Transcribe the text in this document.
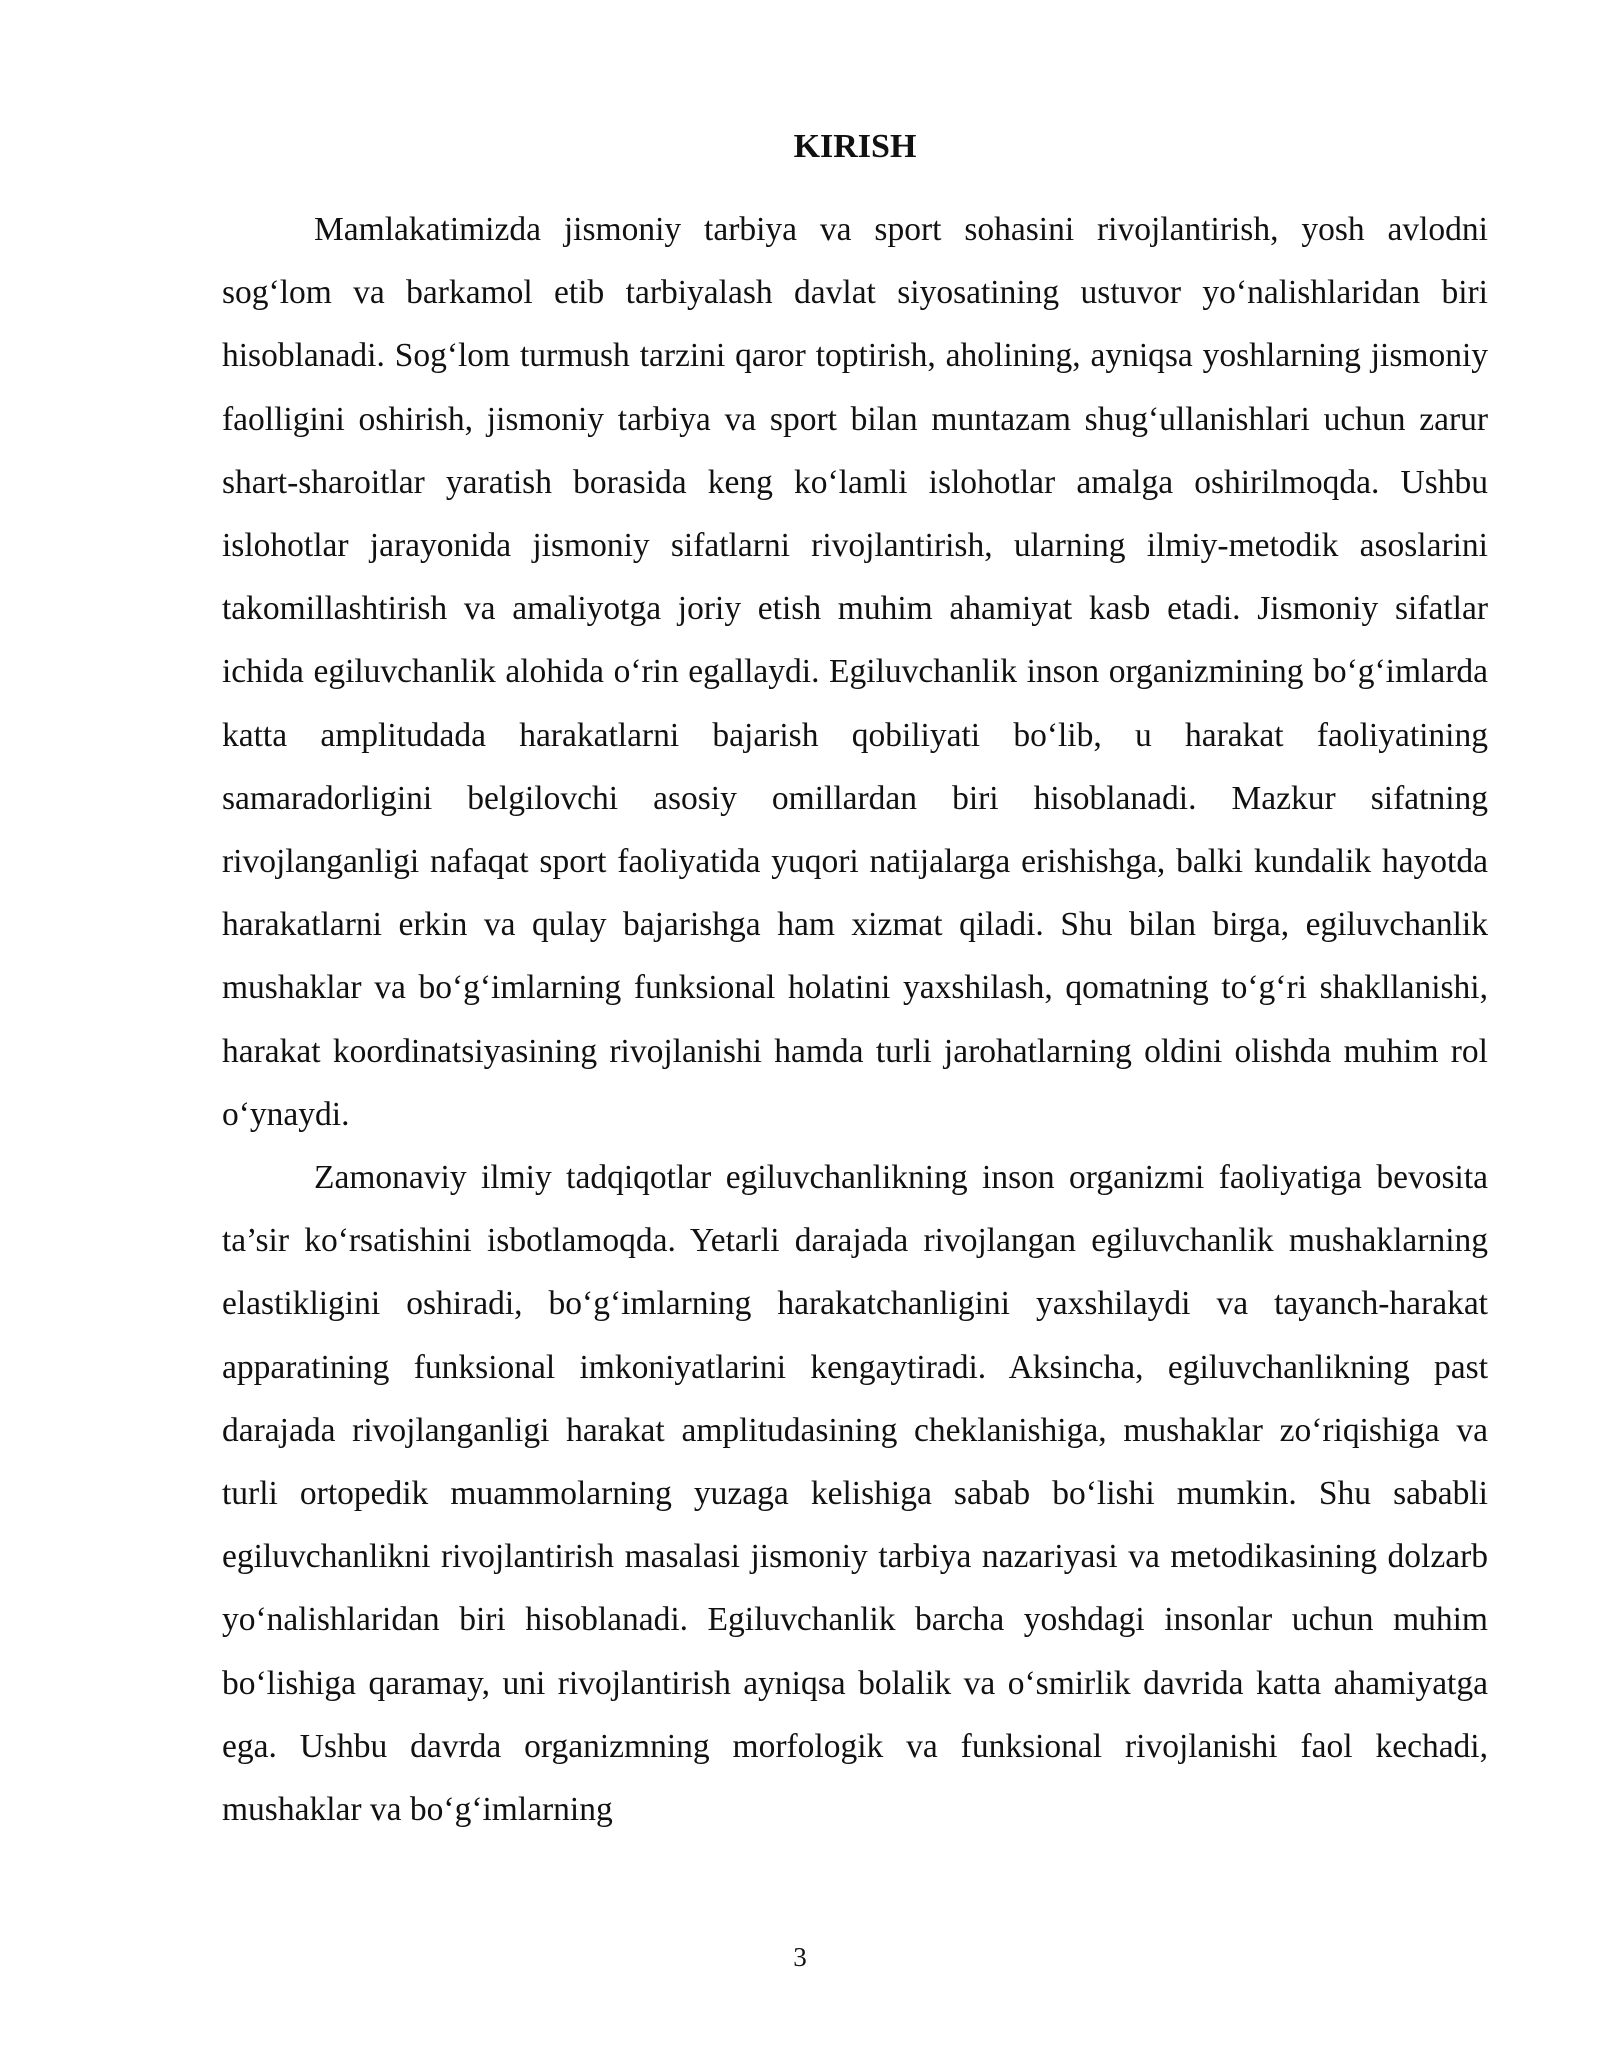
KIRISH

Mamlakatimizda jismoniy tarbiya va sport sohasini rivojlantirish, yosh avlodni sog‘lom va barkamol etib tarbiyalash davlat siyosatining ustuvor yo‘nalishlaridan biri hisoblanadi. Sog‘lom turmush tarzini qaror toptirish, aholining, ayniqsa yoshlarning jismoniy faolligini oshirish, jismoniy tarbiya va sport bilan muntazam shug‘ullanishlari uchun zarur shart-sharoitlar yaratish borasida keng ko‘lamli islohotlar amalga oshirilmoqda. Ushbu islohotlar jarayonida jismoniy sifatlarni rivojlantirish, ularning ilmiy-metodik asoslarini takomillashtirish va amaliyotga joriy etish muhim ahamiyat kasb etadi. Jismoniy sifatlar ichida egiluvchanlik alohida o‘rin egallaydi. Egiluvchanlik inson organizmining bo‘g‘imlarda katta amplitudada harakatlarni bajarish qobiliyati bo‘lib, u harakat faoliyatining samaradorligini belgilovchi asosiy omillardan biri hisoblanadi. Mazkur sifatning rivojlanganligi nafaqat sport faoliyatida yuqori natijalarga erishishga, balki kundalik hayotda harakatlarni erkin va qulay bajarishga ham xizmat qiladi. Shu bilan birga, egiluvchanlik mushaklar va bo‘g‘imlarning funksional holatini yaxshilash, qomatning to‘g‘ri shakllanishi, harakat koordinatsiyasining rivojlanishi hamda turli jarohatlarning oldini olishda muhim rol o‘ynaydi.

Zamonaviy ilmiy tadqiqotlar egiluvchanlikning inson organizmi faoliyatiga bevosita ta’sir ko‘rsatishini isbotlamoqda. Yetarli darajada rivojlangan egiluvchanlik mushaklarning elastikligini oshiradi, bo‘g‘imlarning harakatchanligini yaxshilaydi va tayanch-harakat apparatining funksional imkoniyatlarini kengaytiradi. Aksincha, egiluvchanlikning past darajada rivojlanganligi harakat amplitudasining cheklanishiga, mushaklar zo‘riqishiga va turli ortopedik muammolarning yuzaga kelishiga sabab bo‘lishi mumkin. Shu sababli egiluvchanlikni rivojlantirish masalasi jismoniy tarbiya nazariyasi va metodikasining dolzarb yo‘nalishlaridan biri hisoblanadi. Egiluvchanlik barcha yoshdagi insonlar uchun muhim bo‘lishiga qaramay, uni rivojlantirish ayniqsa bolalik va o‘smirlik davrida katta ahamiyatga ega. Ushbu davrda organizmning morfologik va funksional rivojlanishi faol kechadi, mushaklar va bo‘g‘imlarning

3
